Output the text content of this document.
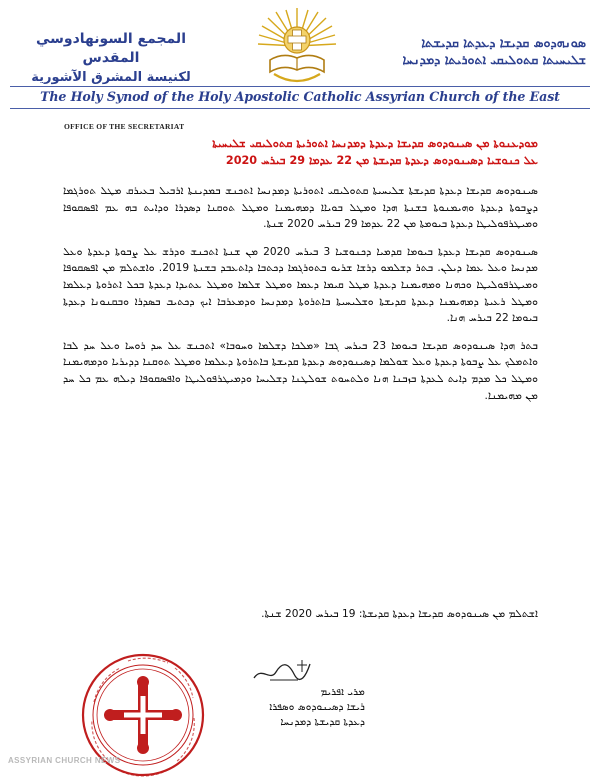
المجمع السونهادوسي المقدس
لكنيسة المشرق الآشورية
ܣܘܢܗܕܘܣ ܩܕܝܫܐ ܕܥܕܬܐ ܩܕܝܫܬܐ
ܫܠܝܚܝܬܐ ܩܬܘܠܝܩܝ ܐܬܘܪܝܬܐ ܕܡܕܢܚܐ
The Holy Synod of the Holy Apostolic Catholic Assyrian Church of the East
OFFICE OF THE SECRETARIAT
ܡܘܕܥܢܘܬܐ ܡܢ ܣܝܢܘܕܘܣ ܩܕܝܫܐ ܕܥܕܬܐ ܕܡܕܢܚܐ ܐܬܘܪܝܬܐ ܩܬܘܠܝܩܝ ܫܠܝܚܝܬܐ
ܥܠ ܟܢܘܫܝܐ ܕܣܝܢܘܕܘܣ ܕܥܕܬܐ ܩܕܝܫܬܐ ܡܢ 22 ܥܕܡܐ 29 ܒܝܪܚ 2020

ܣܝܢܘܕܘܣ ܩܕܝܫܐ ܕܥܕܬܐ ܩܕܝܫܬܐ ܫܠܝܚܝܬܐ ܩܬܘܠܝܩܝ ܐܬܘܪܝܬܐ ܕܡܕܢܚܐ ܐܬܟܢܫ ܒܡܕܝܢܬܐ ܐܪܒܝܠ ܒܥܝܪܩ ܡܛܠ ܬܘܪܓܡܐ ܕܨܒܘܬܐ ܕܥܕܬܐ ܘܗܝܡܢܘܬܐ ܒܫܢܬܐ ܗܕܐ ܘܡܛܠ ܒܘܝܐܐ ܕܡܗܝܡܢܐ ܘܡܛܠ ܬܘܩܢܐ ܕܣܕܪܐ ܘܕܐܝܬ ܒܗ ܥܡ ܐܦܣܩܘܦܐ ܘܡܝܛܪܦܘܠܝܛܐ ܕܥܕܬܐ ܒܝܘܡܬܐ ܡܢ 22 ܥܕܡܐ 29 ܒܝܪܚ 2020 ܫܢܬܐ.

ܣܝܢܘܕܘܣ ܩܕܝܫܐ ܕܥܕܬܐ ܒܝܘܡܐ ܩܕܡܝܐ ܕܟܢܘܫܝܐ 3 ܒܝܪܚ 2020 ܡܢ ܫܢܬܐ ܐܬܟܢܫ ܘܕܪܫ ܥܠ ܨܒܘܬܐ ܕܥܕܬܐ ܘܥܠ ܡܕܢܚܐ ܘܥܠ ܥܡܐ ܕܝܠܢ. ܒܬܪ ܕܫܠܡܘ ܕܪܫܐ ܫܪܝܘ ܒܬܘܪܓܡܐ ܕܟܬܒܐ ܕܐܬܥܒܕ ܒܫܢܬܐ 2019. ܘܐܫܬܠܡ ܡܢ ܐܦܣܩܘܦܐ ܘܡܝܛܪܦܘܠܝܛܐ ܘܟܗܢܐ ܘܡܗܝܡܢܐ ܕܥܕܬܐ ܡܛܠ ܩܝܡܐ ܕܥܡܐ ܘܡܛܠ ܫܠܡܐ ܘܡܛܠ ܥܬܝܕܐ ܕܥܕܬܐ ܒܟܠ ܐܬܪܘܬܐ ܕܥܠܡܐ ܘܡܛܠ ܪܥܝܬܐ ܕܡܗܝܡܢܐ ܕܥܕܬܐ ܩܕܝܫܬܐ ܘܫܠܝܚܝܬܐ ܒܐܬܪܘܬܐ ܕܡܕܢܚܐ ܘܕܡܥܪܒܐ ܐܝܟ ܕܟܬܝܒ ܒܣܕܪܐ ܘܒܩܢܘܢܐ ܕܥܕܬܐ ܒܝܘܡܐ 22 ܒܝܪܚ ܗܢܐ.

ܒܬܪ ܗܕܐ ܣܝܢܘܕܘܣ ܩܕܝܫܐ ܒܝܘܡܐ 23 ܒܝܪܚ ܓܒܐ «ܡܠܟܐ ܕܫܠܡܐ ܘܚܘܒܐ» ܐܬܟܢܫ ܥܠ ܚܕ ܪܘܚܐ ܘܥܠ ܚܕ ܠܒܐ ܘܐܬܡܠܟ ܥܠ ܨܒܘܬܐ ܕܥܕܬܐ ܘܥܠ ܫܘܠܡܐ ܕܣܝܢܘܕܘܣ ܕܥܕܬܐ ܩܕܝܫܬܐ ܒܐܬܪܘܬܐ ܕܥܠܡܐ ܘܡܛܠ ܬܘܩܢܐ ܕܕܝܪܝܐ ܘܕܡܗܝܡܢܐ ܘܡܛܠ ܟܠ ܡܕܡ ܕܐܝܬ ܠܥܕܬܐ ܒܙܒܢܐ ܗܢܐ ܘܠܬܚܘܬ ܫܘܠܛܢܐ ܕܫܠܝܚܐ ܘܕܡܝܛܪܦܘܠܝܛܐ ܘܐܦܣܩܘܦܐ ܕܝܠܗ ܥܡ ܟܠ ܚܕ ܡܢ ܡܗܝܡܢܐ.

ܐܫܬܠܡ ܡܢ ܣܝܢܘܕܘܣ ܩܕܝܫܐ ܕܥܕܬܐ ܩܕܝܫܬܐ: 19 ܒܝܪܚ 2020 ܫܢܬܐ.
ܡܪܝ ܐܦܪܝܡ
ܪܝܫܐ ܕܣܝܢܘܕܘܣ ܘܣܦܪܐ
ܕܥܕܬܐ ܩܕܝܫܬܐ ܕܡܕܢܚܐ
ASSYRIAN CHURCH NEWS
